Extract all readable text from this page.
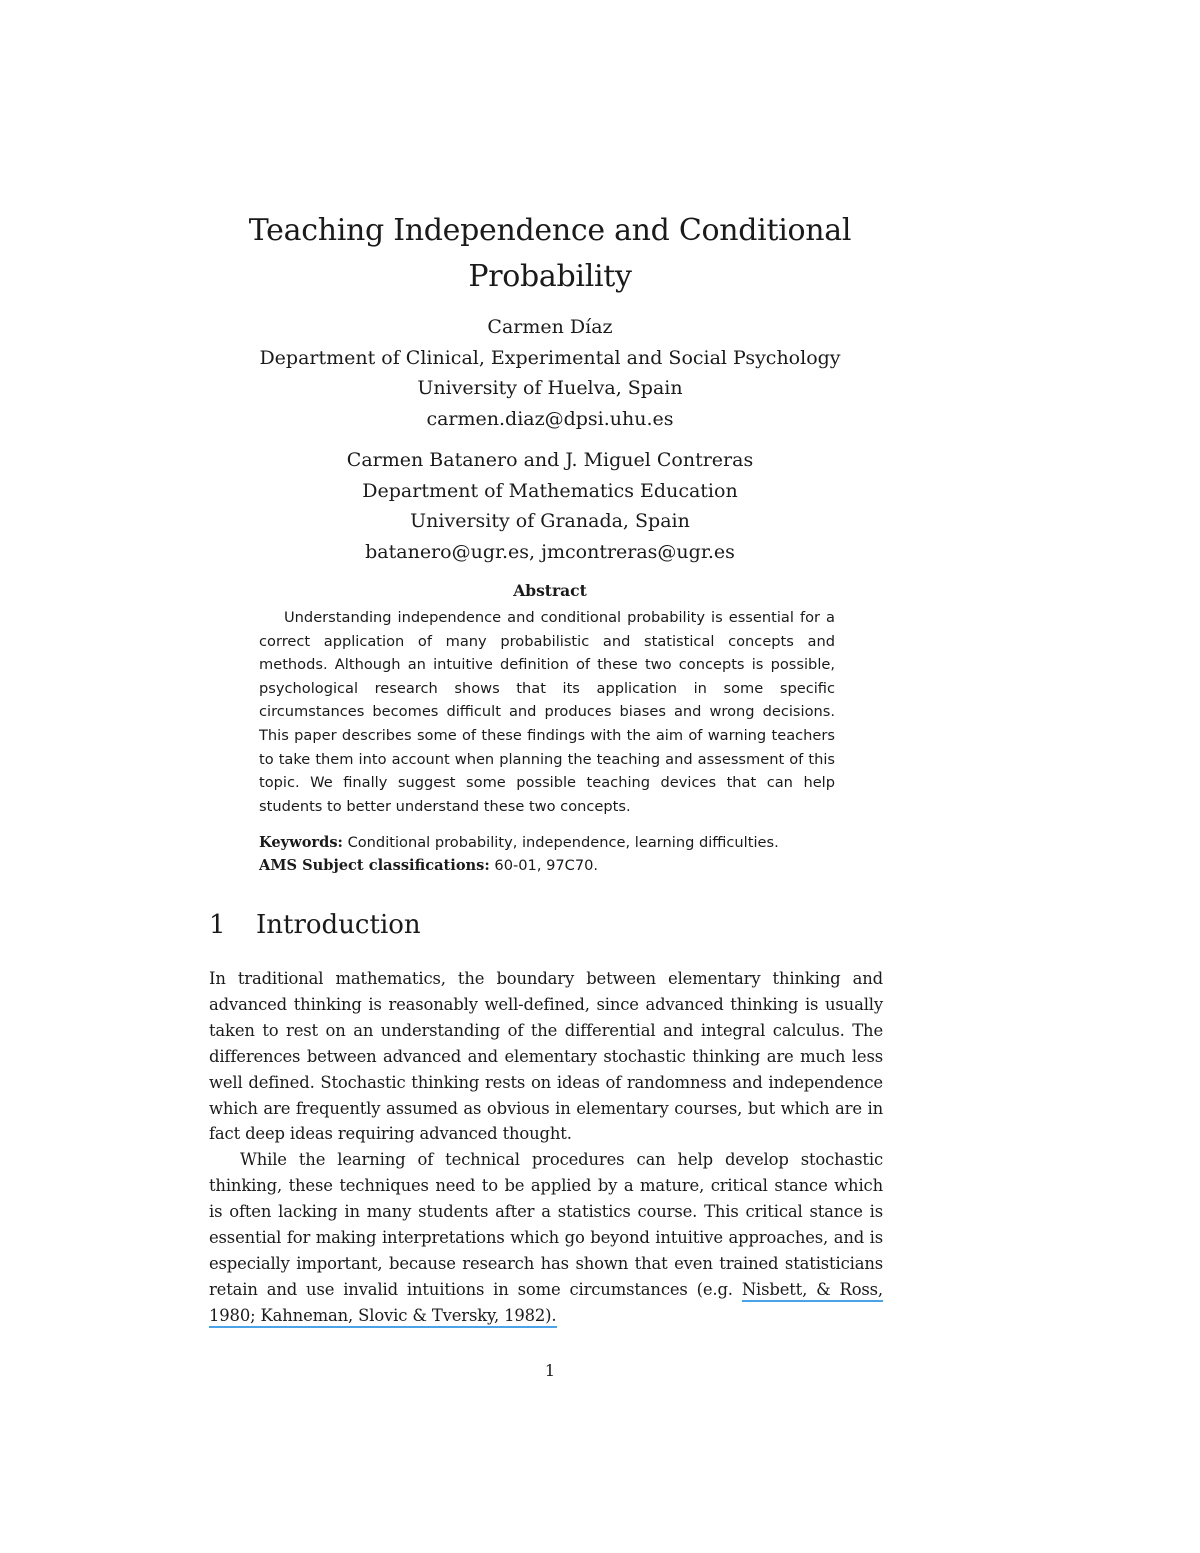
Teaching Independence and Conditional
Probability
Carmen Díaz
Department of Clinical, Experimental and Social Psychology
University of Huelva, Spain
carmen.diaz@dpsi.uhu.es
Carmen Batanero and J. Miguel Contreras
Department of Mathematics Education
University of Granada, Spain
batanero@ugr.es, jmcontreras@ugr.es
Abstract

Understanding independence and conditional probability is essential for a correct application of many probabilistic and statistical concepts and methods. Although an intuitive definition of these two concepts is possible, psychological research shows that its application in some specific circumstances becomes difficult and produces biases and wrong decisions. This paper describes some of these findings with the aim of warning teachers to take them into account when planning the teaching and assessment of this topic. We finally suggest some possible teaching devices that can help students to better understand these two concepts.

Keywords: Conditional probability, independence, learning difficulties.
AMS Subject classifications: 60-01, 97C70.
1 Introduction

In traditional mathematics, the boundary between elementary thinking and advanced thinking is reasonably well-defined, since advanced thinking is usually taken to rest on an understanding of the differential and integral calculus. The differences between advanced and elementary stochastic thinking are much less well defined. Stochastic thinking rests on ideas of randomness and independence which are frequently assumed as obvious in elementary courses, but which are in fact deep ideas requiring advanced thought.

While the learning of technical procedures can help develop stochastic thinking, these techniques need to be applied by a mature, critical stance which is often lacking in many students after a statistics course. This critical stance is essential for making interpretations which go beyond intuitive approaches, and is especially important, because research has shown that even trained statisticians retain and use invalid intuitions in some circumstances (e.g. Nisbett, & Ross, 1980; Kahneman, Slovic & Tversky, 1982).

1
